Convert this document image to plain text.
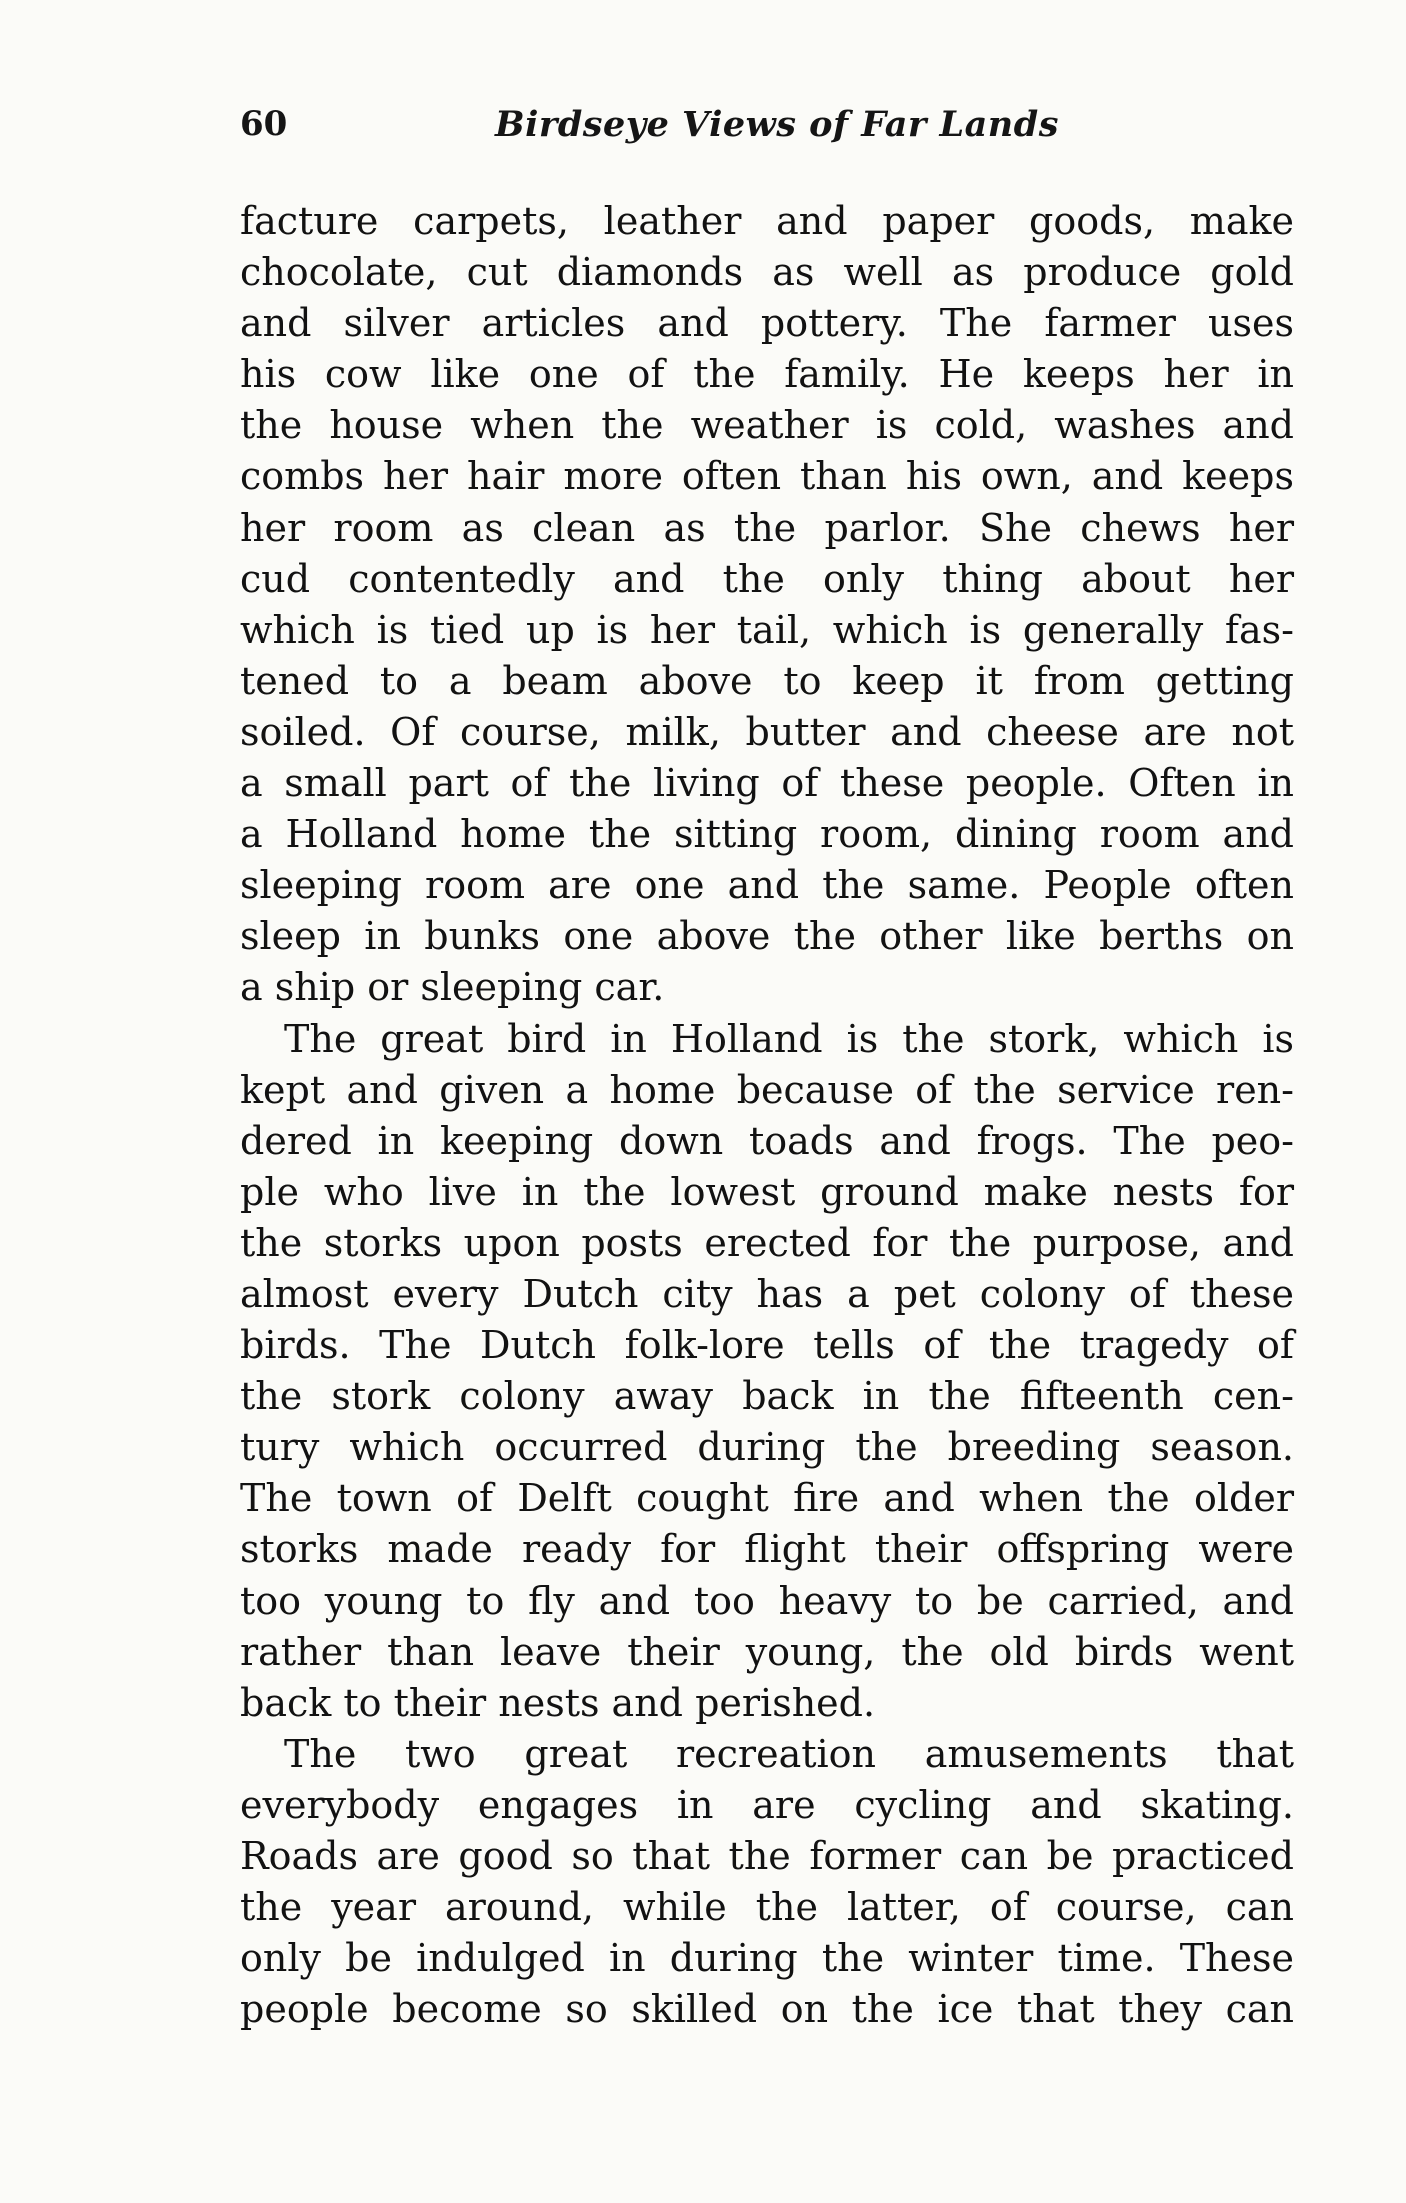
60	Birdseye Views of Far Lands
facture carpets, leather and paper goods, make
chocolate, cut diamonds as well as produce gold
and silver articles and pottery. The farmer uses
his cow like one of the family. He keeps her in
the house when the weather is cold, washes and
combs her hair more often than his own, and keeps
her room as clean as the parlor. She chews her
cud contentedly and the only thing about her
which is tied up is her tail, which is generally fas-
tened to a beam above to keep it from getting
soiled. Of course, milk, butter and cheese are not
a small part of the living of these people. Often in
a Holland home the sitting room, dining room and
sleeping room are one and the same. People often
sleep in bunks one above the other like berths on
a ship or sleeping car.
The great bird in Holland is the stork, which is
kept and given a home because of the service ren-
dered in keeping down toads and frogs. The peo-
ple who live in the lowest ground make nests for
the storks upon posts erected for the purpose, and
almost every Dutch city has a pet colony of these
birds. The Dutch folk-lore tells of the tragedy of
the stork colony away back in the fifteenth cen-
tury which occurred during the breeding season.
The town of Delft cought fire and when the older
storks made ready for flight their offspring were
too young to fly and too heavy to be carried, and
rather than leave their young, the old birds went
back to their nests and perished.
The two great recreation amusements that
everybody engages in are cycling and skating.
Roads are good so that the former can be practiced
the year around, while the latter, of course, can
only be indulged in during the winter time. These
people become so skilled on the ice that they can
